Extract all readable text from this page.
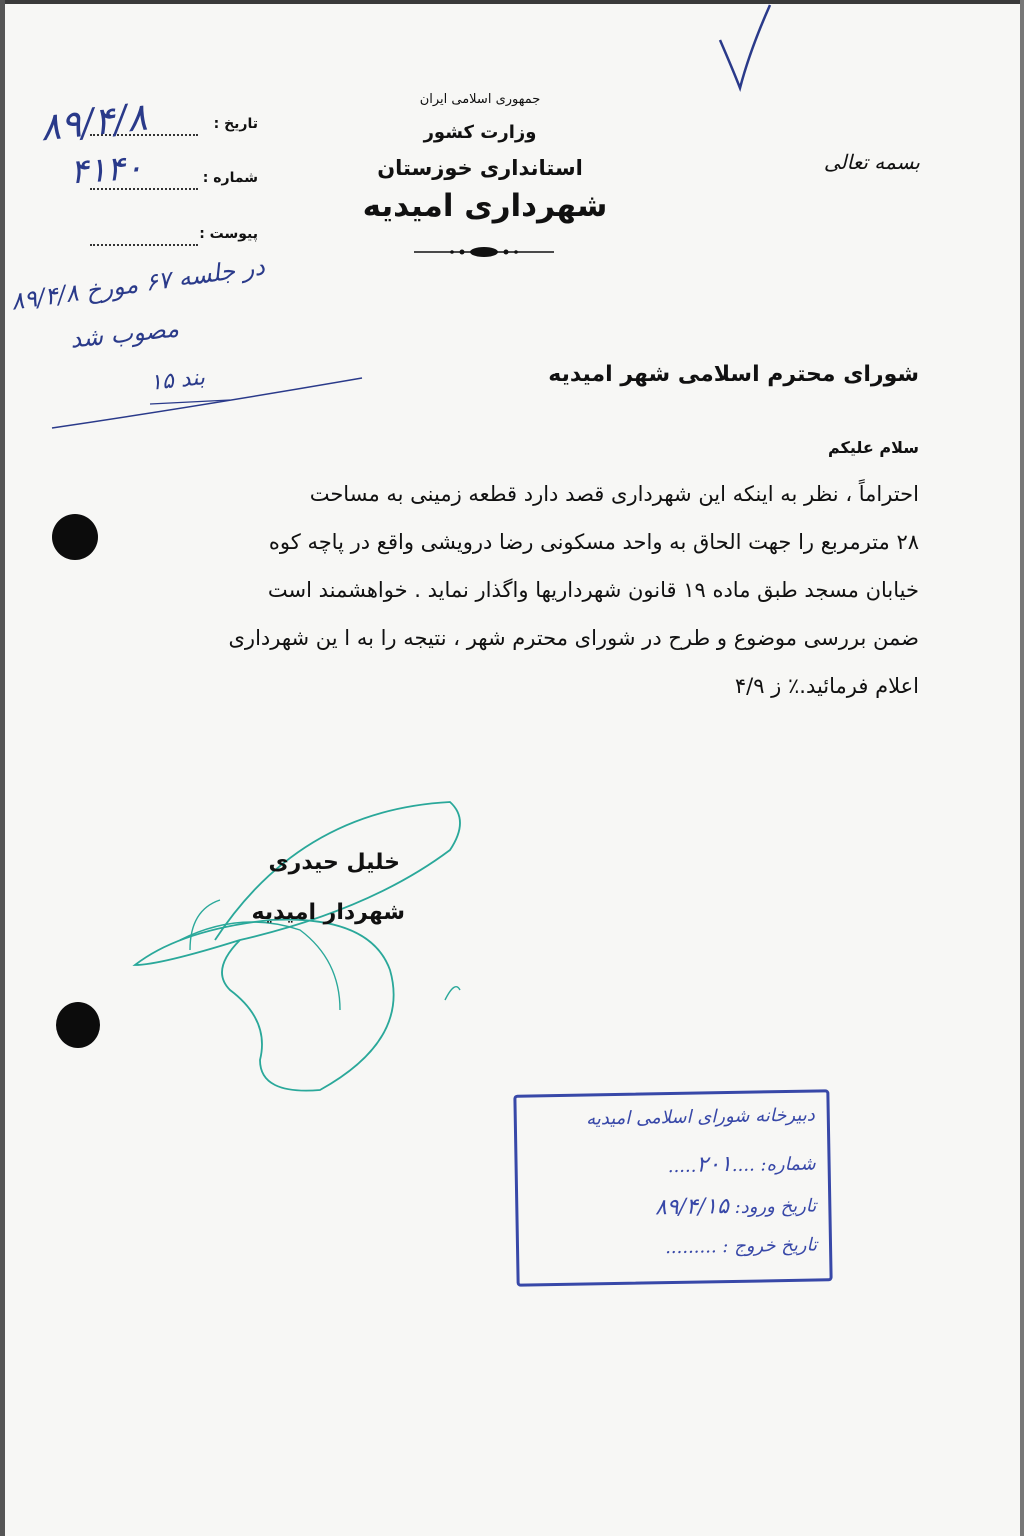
جمهوری اسلامی ایران
وزارت کشور
استانداری خوزستان
شهرداری امیدیه
بسمه تعالی
تاریخ :
۸۹/۴/۸
شماره :
۴۱۴۰
پیوست :
در جلسه ۶۷ مورخ ۸۹/۴/۸
مصوب شد
بند ۱۵	شورای محترم اسلامی شهر امیدیه
سلام علیکم
احتراماً ، نظر به اینکه این شهرداری قصد دارد قطعه زمینی به مساحت
۲۸ مترمربع را جهت الحاق به واحد مسکونی رضا درویشی واقع در پاچه کوه
خیابان مسجد طبق ماده ۱۹ قانون شهرداریها واگذار نماید . خواهشمند است
ضمن بررسی موضوع و طرح در شورای محترم شهر ، نتیجه را به ا ین شهرداری
اعلام فرمائید.٪ ز ۴/۹
خلیل حیدری
شهردار امیدیه
دبیرخانه شورای اسلامی امیدیه
شماره: ....۲۰۱.....
تاریخ ورود: ۸۹/۴/۱۵
تاریخ خروج : .........
